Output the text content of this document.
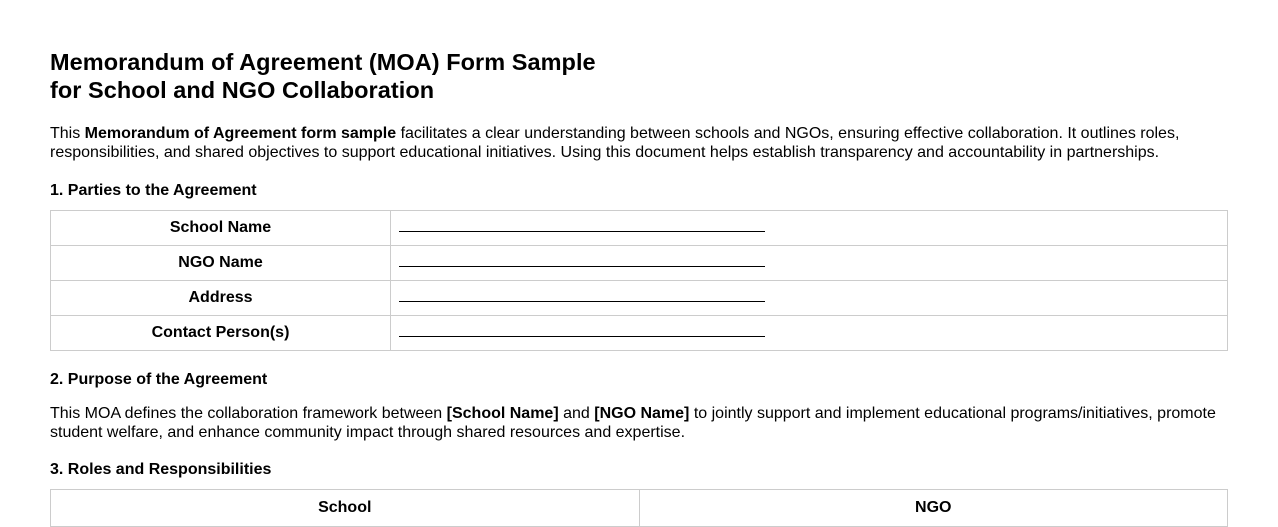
Memorandum of Agreement (MOA) Form Sample
for School and NGO Collaboration

This Memorandum of Agreement form sample facilitates a clear understanding between schools and NGOs, ensuring effective collaboration. It outlines roles, responsibilities, and shared objectives to support educational initiatives. Using this document helps establish transparency and accountability in partnerships.

1. Parties to the Agreement
School Name	
NGO Name	
Address	
Contact Person(s)	
2. Purpose of the Agreement

This MOA defines the collaboration framework between [School Name] and [NGO Name] to jointly support and implement educational programs/initiatives, promote student welfare, and enhance community impact through shared resources and expertise.

3. Roles and Responsibilities
School	NGO
